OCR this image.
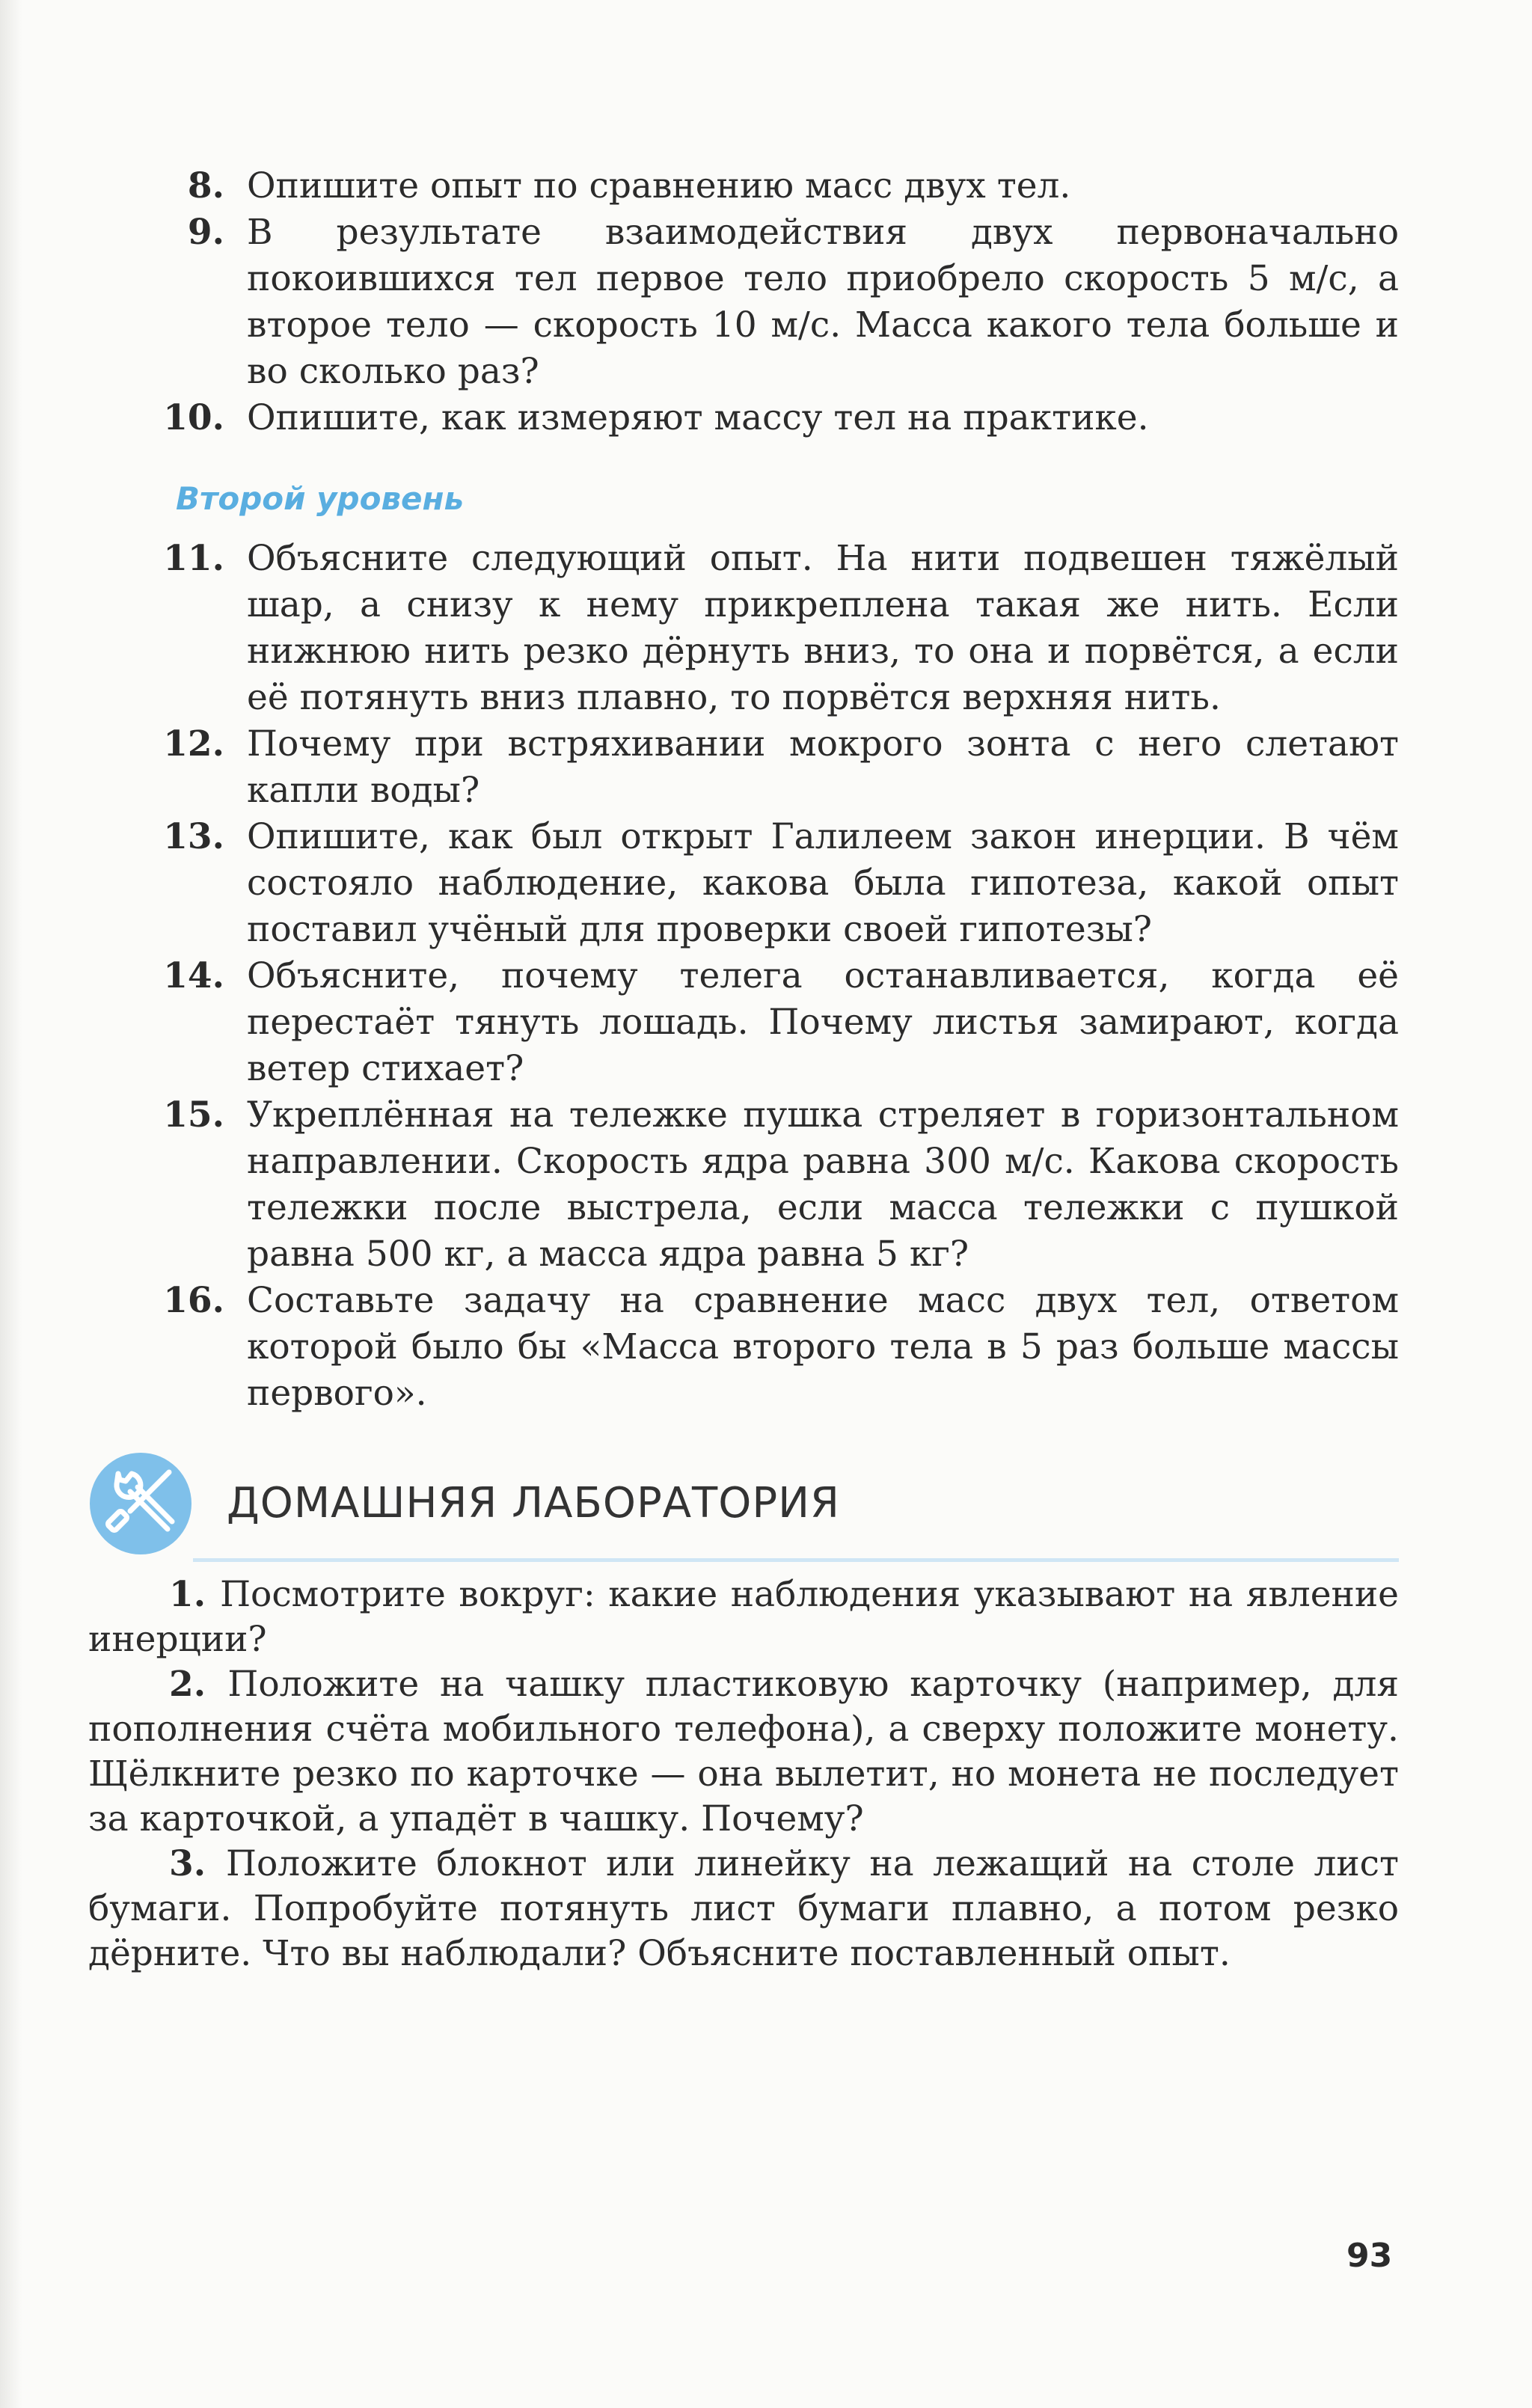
8. Опишите опыт по сравнению масс двух тел.
9. В результате взаимодействия двух первоначально покоившихся тел первое тело приобрело скорость 5 м/с, а второе тело — скорость 10 м/с. Масса какого тела больше и во сколько раз?
10. Опишите, как измеряют массу тел на практике.
Второй уровень
11. Объясните следующий опыт. На нити подвешен тяжёлый шар, а снизу к нему прикреплена такая же нить. Если нижнюю нить резко дёрнуть вниз, то она и порвётся, а если её потянуть вниз плавно, то порвётся верхняя нить.
12. Почему при встряхивании мокрого зонта с него слетают капли воды?
13. Опишите, как был открыт Галилеем закон инерции. В чём состояло наблюдение, какова была гипотеза, какой опыт поставил учёный для проверки своей гипотезы?
14. Объясните, почему телега останавливается, когда её перестаёт тянуть лошадь. Почему листья замирают, когда ветер стихает?
15. Укреплённая на тележке пушка стреляет в горизонтальном направлении. Скорость ядра равна 300 м/с. Какова скорость тележки после выстрела, если масса тележки с пушкой равна 500 кг, а масса ядра равна 5 кг?
16. Составьте задачу на сравнение масс двух тел, ответом которой было бы «Масса второго тела в 5 раз больше массы первого».
ДОМАШНЯЯ ЛАБОРАТОРИЯ
1. Посмотрите вокруг: какие наблюдения указывают на явление инерции?
2. Положите на чашку пластиковую карточку (например, для пополнения счёта мобильного телефона), а сверху положите монету. Щёлкните резко по карточке — она вылетит, но монета не последует за карточкой, а упадёт в чашку. Почему?
3. Положите блокнот или линейку на лежащий на столе лист бумаги. Попробуйте потянуть лист бумаги плавно, а потом резко дёрните. Что вы наблюдали? Объясните поставленный опыт.
93
